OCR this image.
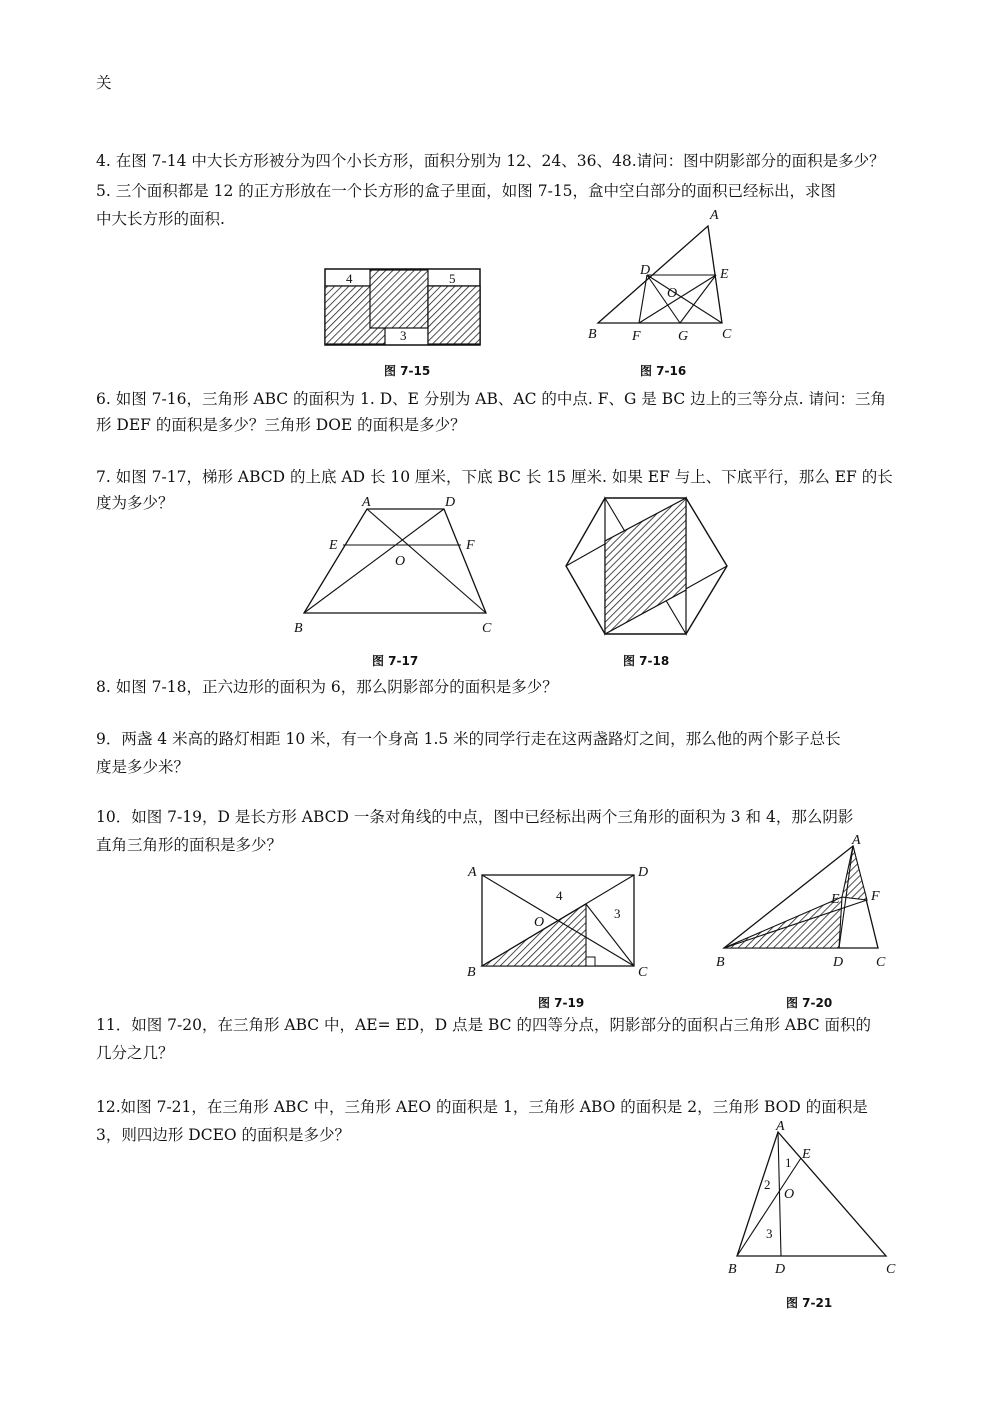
关
4. 在图 7-14 中大长方形被分为四个小长方形，面积分别为 12、24、36、48.请问：图中阴影部分的面积是多少？
5. 三个面积都是 12 的正方形放在一个长方形的盒子里面，如图 7-15，盒中空白部分的面积已经标出，求图
中大长方形的面积.
4	5
3
图 7-15
A
D	E
O
B	F	G C
图 7-16
6. 如图 7-16，三角形 ABC 的面积为 1. D、E 分别为 AB、AC 的中点. F、G 是 BC 边上的三等分点. 请问：三角
形 DEF 的面积是多少？三角形 DOE 的面积是多少？
7. 如图 7-17，梯形 ABCD 的上底 AD 长 10 厘米，下底 BC 长 15 厘米. 如果 EF 与上、下底平行，那么 EF 的长
度为多少？	A	D
E	F
O
B	C
图 7-17	图 7-18
8. 如图 7-18，正六边形的面积为 6，那么阴影部分的面积是多少？
9．两盏 4 米高的路灯相距 10 米，有一个身高 1.5 米的同学行走在这两盏路灯之间，那么他的两个影子总长
度是多少米？
10．如图 7-19，D 是长方形 ABCD 一条对角线的中点，图中已经标出两个三角形的面积为 3 和 4，那么阴影
直角三角形的面积是多少？
A	D
4
O
3
B	C
图 7-19
A
E F
B	D C
图 7-20
11．如图 7-20，在三角形 ABC 中，AE= ED，D 点是 BC 的四等分点，阴影部分的面积占三角形 ABC 面积的
几分之几？
12.如图 7-21，在三角形 ABC 中，三角形 AEO 的面积是 1，三角形 ABO 的面积是 2，三角形 BOD 的面积是
3，则四边形 DCEO 的面积是多少？	A
E
1
2
O
3
B	D	C
图 7-21
